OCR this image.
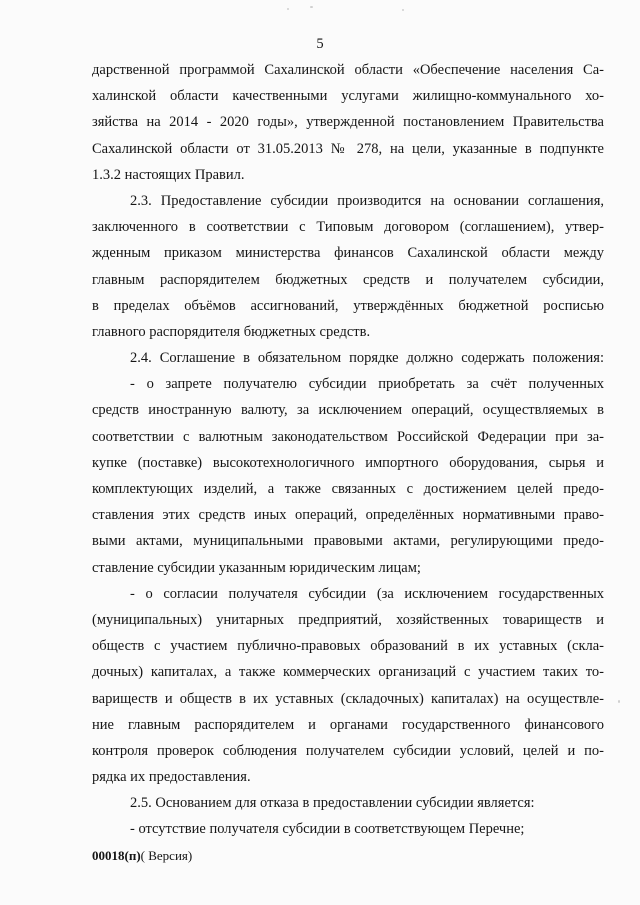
5
дарственной программой Сахалинской области «Обеспечение населения Са-
халинской области качественными услугами жилищно-коммунального хо-
зяйства на 2014 - 2020 годы», утвержденной постановлением Правительства
Сахалинской области от 31.05.2013 № 278, на цели, указанные в подпункте
1.3.2 настоящих Правил.
2.3. Предоставление субсидии производится на основании соглашения,
заключенного в соответствии с Типовым договором (соглашением), утвер-
жденным приказом министерства финансов Сахалинской области между
главным распорядителем бюджетных средств и получателем субсидии,
в пределах объёмов ассигнований, утверждённых бюджетной росписью
главного распорядителя бюджетных средств.
2.4. Соглашение в обязательном порядке должно содержать положения:
- о запрете получателю субсидии приобретать за счёт полученных
средств иностранную валюту, за исключением операций, осуществляемых в
соответствии с валютным законодательством Российской Федерации при за-
купке (поставке) высокотехнологичного импортного оборудования, сырья и
комплектующих изделий, а также связанных с достижением целей предо-
ставления этих средств иных операций, определённых нормативными право-
выми актами, муниципальными правовыми актами, регулирующими предо-
ставление субсидии указанным юридическим лицам;
- о согласии получателя субсидии (за исключением государственных
(муниципальных) унитарных предприятий, хозяйственных товариществ и
обществ с участием публично-правовых образований в их уставных (скла-
дочных) капиталах, а также коммерческих организаций с участием таких то-
вариществ и обществ в их уставных (складочных) капиталах) на осуществле-
ние главным распорядителем и органами государственного финансового
контроля проверок соблюдения получателем субсидии условий, целей и по-
рядка их предоставления.
2.5. Основанием для отказа в предоставлении субсидии является:
- отсутствие получателя субсидии в соответствующем Перечне;
00018(п)( Версия)
